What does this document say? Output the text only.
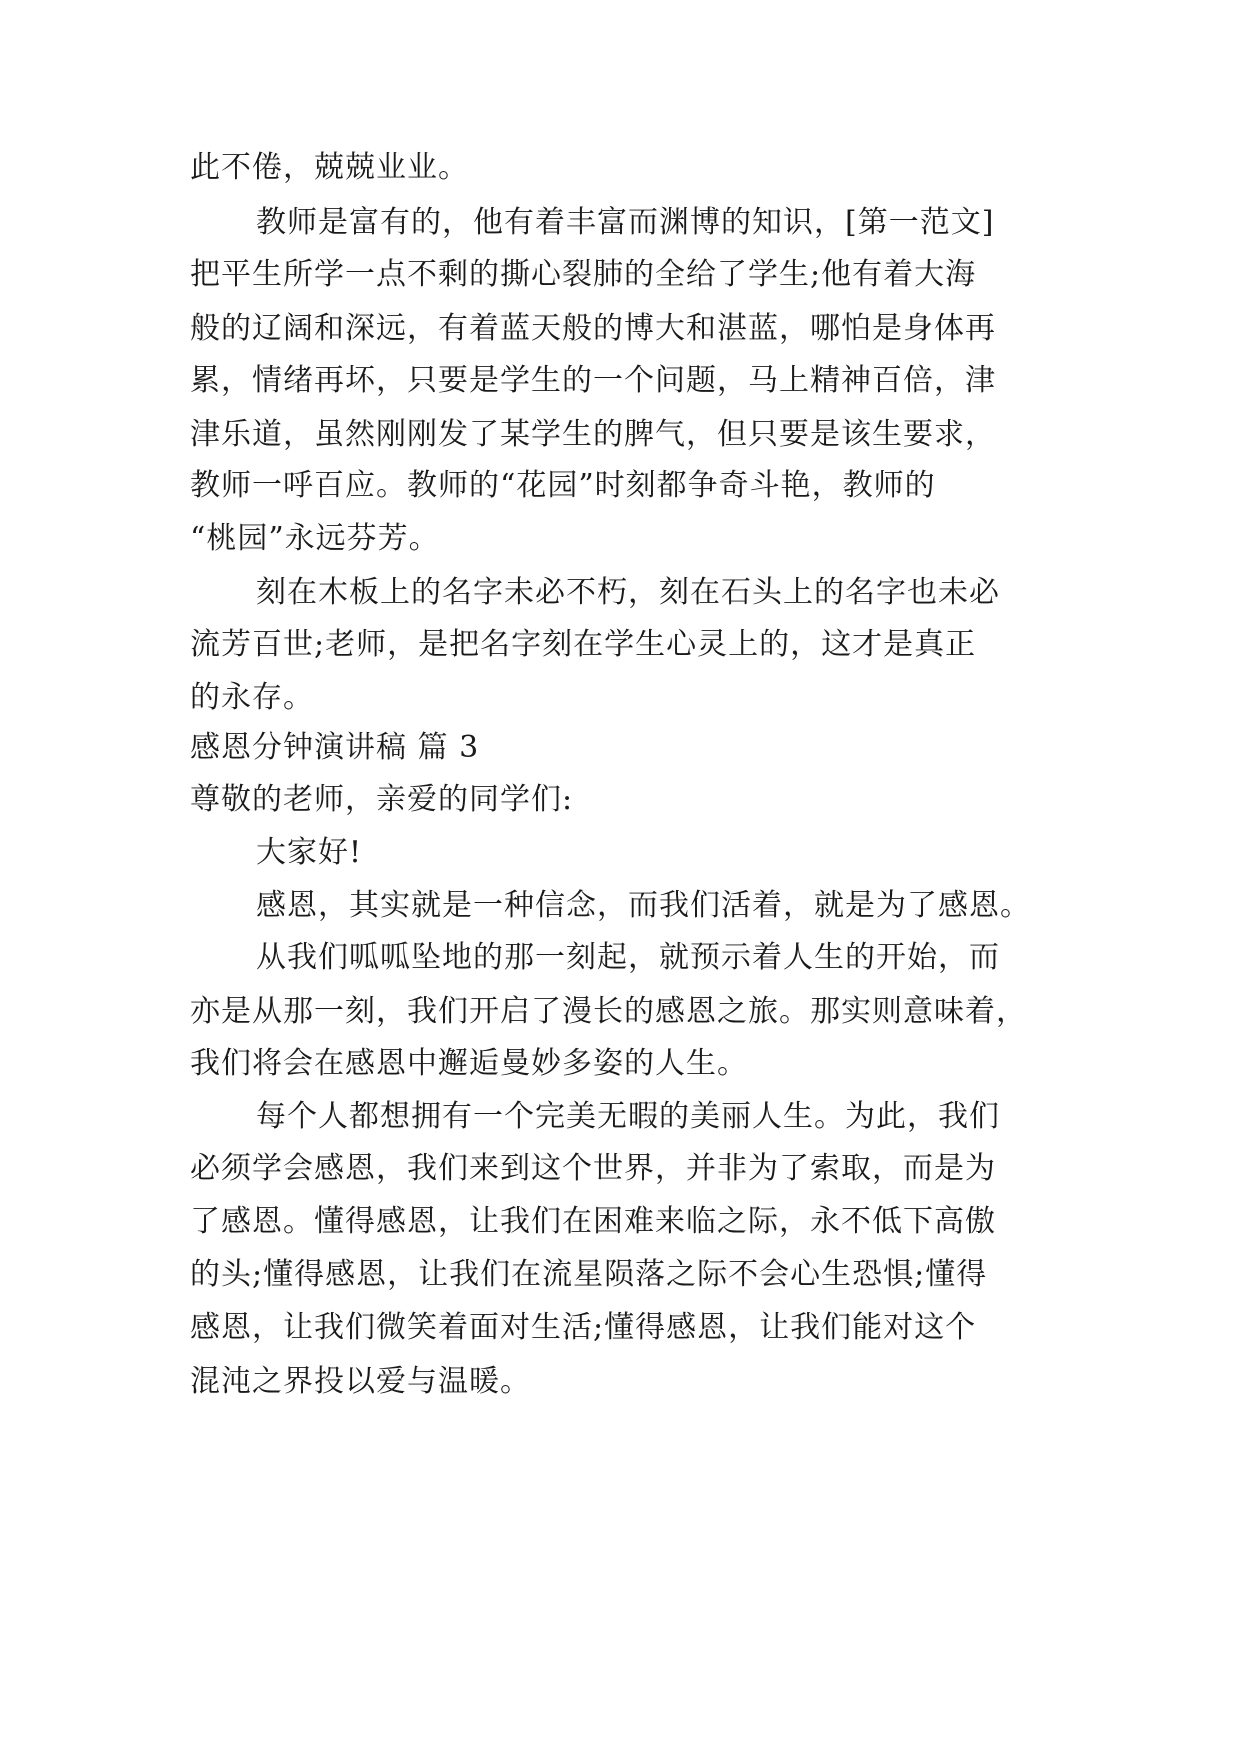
此不倦，兢兢业业。
教师是富有的，他有着丰富而渊博的知识，[第一范文]
把平生所学一点不剩的撕心裂肺的全给了学生;他有着大海
般的辽阔和深远，有着蓝天般的博大和湛蓝，哪怕是身体再
累，情绪再坏，只要是学生的一个问题，马上精神百倍，津
津乐道，虽然刚刚发了某学生的脾气，但只要是该生要求，
教师一呼百应。教师的“花园”时刻都争奇斗艳，教师的
“桃园”永远芬芳。
刻在木板上的名字未必不朽，刻在石头上的名字也未必
流芳百世;老师，是把名字刻在学生心灵上的，这才是真正
的永存。
感恩分钟演讲稿 篇 3
尊敬的老师，亲爱的同学们:
大家好!
感恩，其实就是一种信念，而我们活着，就是为了感恩。
从我们呱呱坠地的那一刻起，就预示着人生的开始，而
亦是从那一刻，我们开启了漫长的感恩之旅。那实则意味着，
我们将会在感恩中邂逅曼妙多姿的人生。
每个人都想拥有一个完美无暇的美丽人生。为此，我们
必须学会感恩，我们来到这个世界，并非为了索取，而是为
了感恩。懂得感恩，让我们在困难来临之际，永不低下高傲
的头;懂得感恩，让我们在流星陨落之际不会心生恐惧;懂得
感恩，让我们微笑着面对生活;懂得感恩，让我们能对这个
混沌之界投以爱与温暖。
